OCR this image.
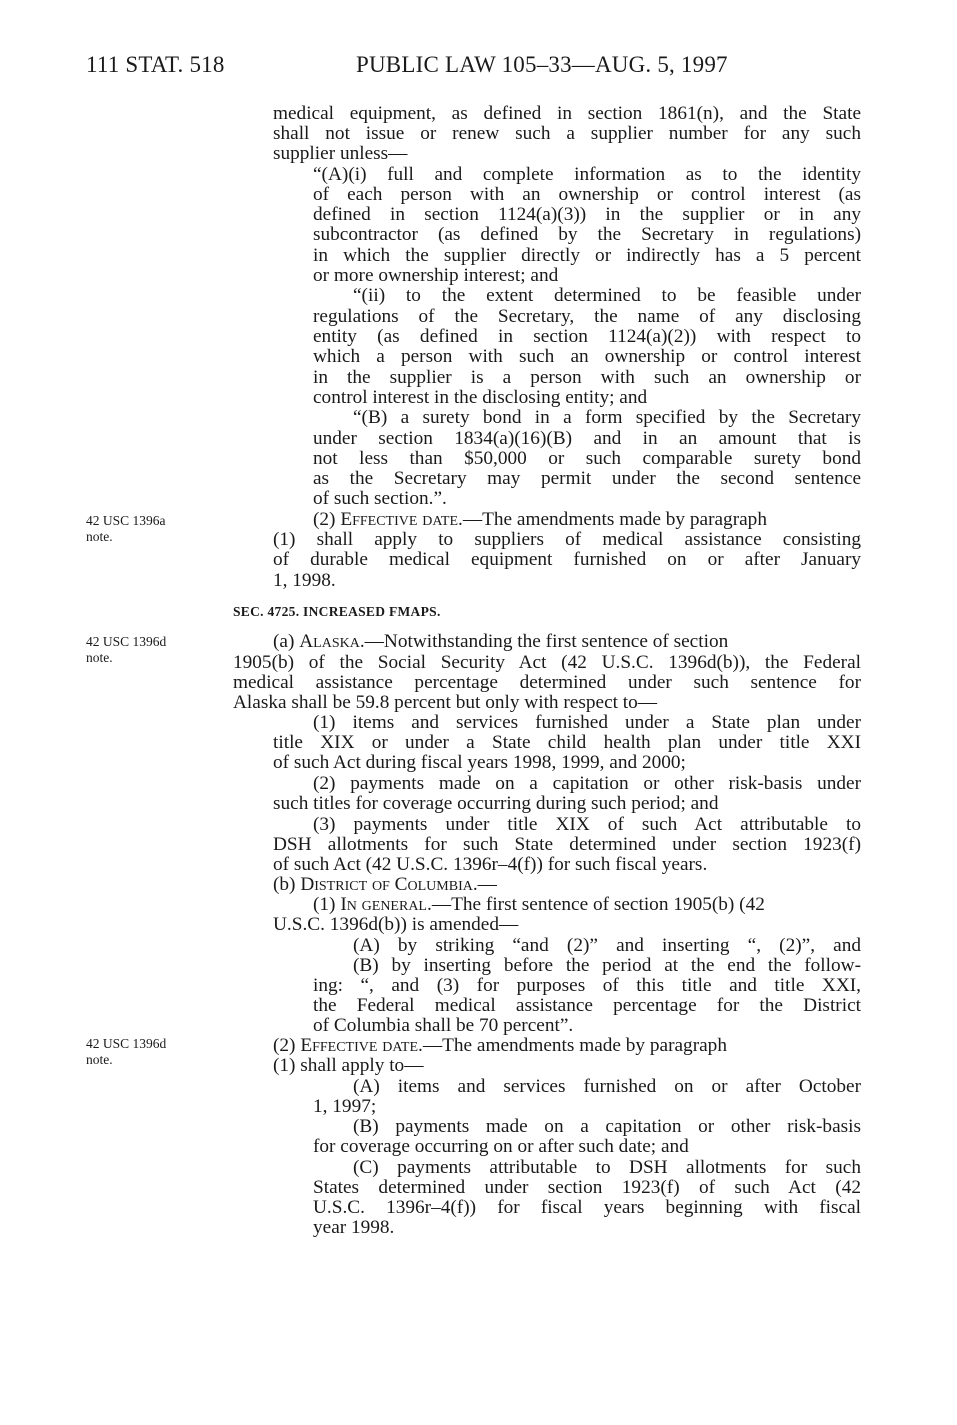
111 STAT. 518	PUBLIC LAW 105–33—AUG. 5, 1997
42 USC 1396a
note.
42 USC 1396d
note.
42 USC 1396d
note.
SEC. 4725. INCREASED FMAPS.
medical equipment, as defined in section 1861(n), and the State
shall not issue or renew such a supplier number for any such
supplier unless—
“(A)(i) full and complete information as to the identity
of each person with an ownership or control interest (as
defined in section 1124(a)(3)) in the supplier or in any
subcontractor (as defined by the Secretary in regulations)
in which the supplier directly or indirectly has a 5 percent
or more ownership interest; and
“(ii) to the extent determined to be feasible under
regulations of the Secretary, the name of any disclosing
entity (as defined in section 1124(a)(2)) with respect to
which a person with such an ownership or control interest
in the supplier is a person with such an ownership or
control interest in the disclosing entity; and
“(B) a surety bond in a form specified by the Secretary
under section 1834(a)(16)(B) and in an amount that is
not less than $50,000 or such comparable surety bond
as the Secretary may permit under the second sentence
of such section.”.
(2) Effective date.—The amendments made by paragraph
(1) shall apply to suppliers of medical assistance consisting
of durable medical equipment furnished on or after January
1, 1998.
(a) Alaska.—Notwithstanding the first sentence of section
1905(b) of the Social Security Act (42 U.S.C. 1396d(b)), the Federal
medical assistance percentage determined under such sentence for
Alaska shall be 59.8 percent but only with respect to—
(1) items and services furnished under a State plan under
title XIX or under a State child health plan under title XXI
of such Act during fiscal years 1998, 1999, and 2000;
(2) payments made on a capitation or other risk-basis under
such titles for coverage occurring during such period; and
(3) payments under title XIX of such Act attributable to
DSH allotments for such State determined under section 1923(f)
of such Act (42 U.S.C. 1396r–4(f)) for such fiscal years.
(b) District of Columbia.—
(1) In general.—The first sentence of section 1905(b) (42
U.S.C. 1396d(b)) is amended—
(A) by striking “and (2)” and inserting “, (2)”, and
(B) by inserting before the period at the end the follow-
ing: “, and (3) for purposes of this title and title XXI,
the Federal medical assistance percentage for the District
of Columbia shall be 70 percent”.
(2) Effective date.—The amendments made by paragraph
(1) shall apply to—
(A) items and services furnished on or after October
1, 1997;
(B) payments made on a capitation or other risk-basis
for coverage occurring on or after such date; and
(C) payments attributable to DSH allotments for such
States determined under section 1923(f) of such Act (42
U.S.C. 1396r–4(f)) for fiscal years beginning with fiscal
year 1998.
